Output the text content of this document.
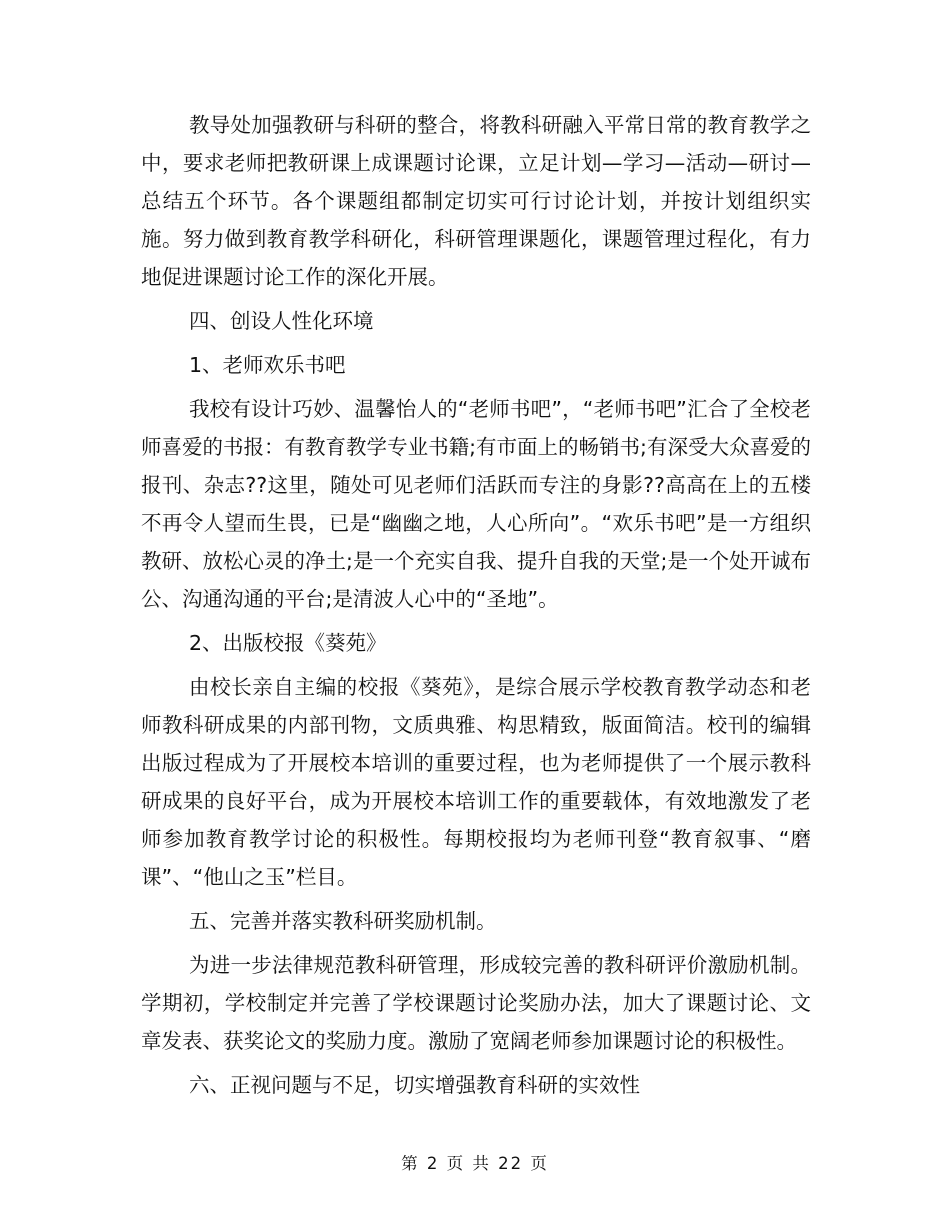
教导处加强教研与科研的整合，将教科研融入平常日常的教育教学之中，要求老师把教研课上成课题讨论课，立足计划—学习—活动—研讨—总结五个环节。各个课题组都制定切实可行讨论计划，并按计划组织实施。努力做到教育教学科研化，科研管理课题化，课题管理过程化，有力地促进课题讨论工作的深化开展。

四、创设人性化环境

1、老师欢乐书吧

我校有设计巧妙、温馨怡人的“老师书吧”，“老师书吧”汇合了全校老师喜爱的书报：有教育教学专业书籍;有市面上的畅销书;有深受大众喜爱的报刊、杂志??这里，随处可见老师们活跃而专注的身影??高高在上的五楼不再令人望而生畏，已是“幽幽之地，人心所向”。“欢乐书吧”是一方组织教研、放松心灵的净土;是一个充实自我、提升自我的天堂;是一个处开诚布公、沟通沟通的平台;是清波人心中的“圣地”。

2、出版校报《葵苑》

由校长亲自主编的校报《葵苑》，是综合展示学校教育教学动态和老师教科研成果的内部刊物，文质典雅、构思精致，版面简洁。校刊的编辑出版过程成为了开展校本培训的重要过程，也为老师提供了一个展示教科研成果的良好平台，成为开展校本培训工作的重要载体，有效地激发了老师参加教育教学讨论的积极性。每期校报均为老师刊登“教育叙事、“磨课”、“他山之玉”栏目。

五、完善并落实教科研奖励机制。

为进一步法律规范教科研管理，形成较完善的教科研评价激励机制。学期初，学校制定并完善了学校课题讨论奖励办法，加大了课题讨论、文章发表、获奖论文的奖励力度。激励了宽阔老师参加课题讨论的积极性。

六、正视问题与不足，切实增强教育科研的实效性

第 2 页 共 22 页
